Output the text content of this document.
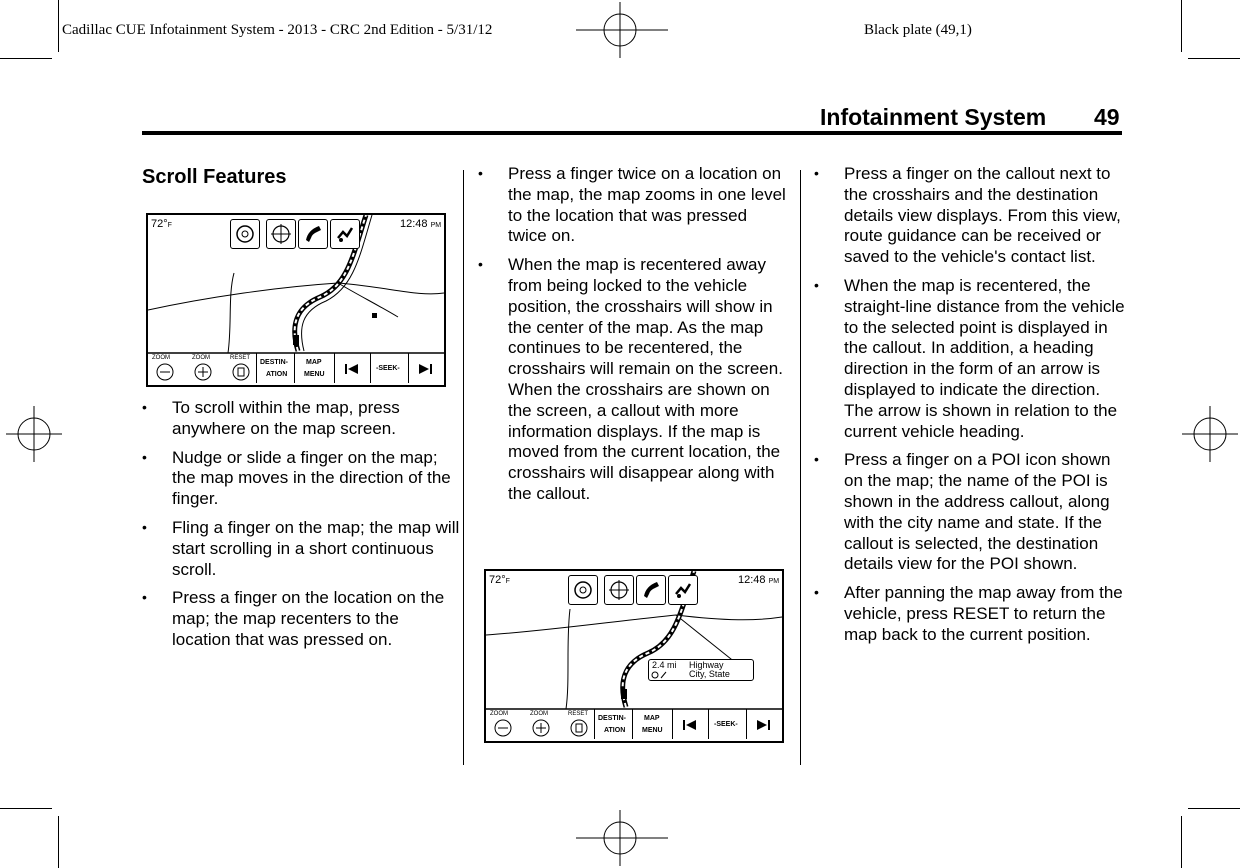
Cadillac CUE Infotainment System - 2013 - CRC 2nd Edition - 5/31/12	Black plate (49,1)
Infotainment System 49
Scroll Features
72°F	12:48 PM
ZOOM	ZOOM	RESET
DESTIN-
ATION
MAP
MENU
-SEEK-
• To scroll within the map, press anywhere on the map screen.
• Nudge or slide a finger on the map; the map moves in the direction of the finger.
• Fling a finger on the map; the map will start scrolling in a short continuous scroll.
• Press a finger on the location on the map; the map recenters to the location that was pressed on.
• Press a finger twice on a location on the map, the map zooms in one level to the location that was pressed twice on.
• When the map is recentered away from being locked to the vehicle position, the crosshairs will show in the center of the map. As the map continues to be recentered, the crosshairs will remain on the screen. When the crosshairs are shown on the screen, a callout with more information displays. If the map is moved from the current location, the crosshairs will disappear along with the callout.
2.4 mi Highway
City, State
72°F	12:48 PM
ZOOM	ZOOM	RESET
DESTIN-
ATION
MAP
MENU
-SEEK-
• Press a finger on the callout next to the crosshairs and the destination details view displays. From this view, route guidance can be received or saved to the vehicle's contact list.
• When the map is recentered, the straight-line distance from the vehicle to the selected point is displayed in the callout. In addition, a heading direction in the form of an arrow is displayed to indicate the direction. The arrow is shown in relation to the current vehicle heading.
• Press a finger on a POI icon shown on the map; the name of the POI is shown in the address callout, along with the city name and state. If the callout is selected, the destination details view for the POI shown.
• After panning the map away from the vehicle, press RESET to return the map back to the current position.
